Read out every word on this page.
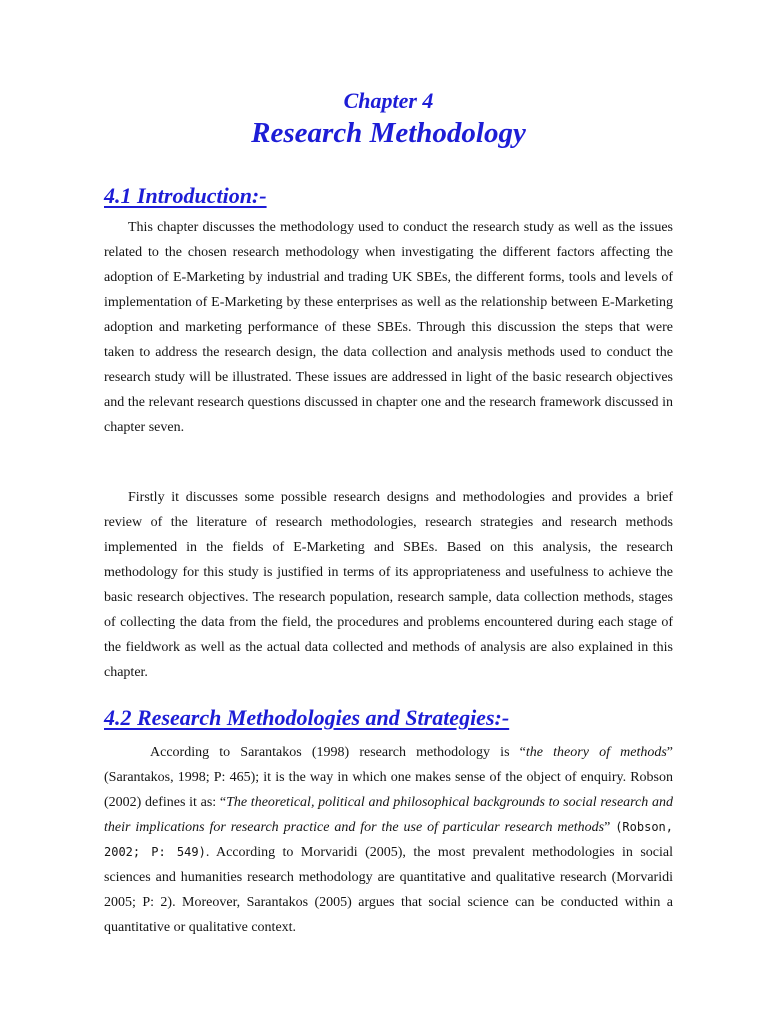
Chapter 4
Research Methodology
4.1 Introduction:-
This chapter discusses the methodology used to conduct the research study as well as the issues related to the chosen research methodology when investigating the different factors affecting the adoption of E-Marketing by industrial and trading UK SBEs, the different forms, tools and levels of implementation of E-Marketing by these enterprises as well as the relationship between E-Marketing adoption and marketing performance of these SBEs. Through this discussion the steps that were taken to address the research design, the data collection and analysis methods used to conduct the research study will be illustrated. These issues are addressed in light of the basic research objectives and the relevant research questions discussed in chapter one and the research framework discussed in chapter seven.
Firstly it discusses some possible research designs and methodologies and provides a brief review of the literature of research methodologies, research strategies and research methods implemented in the fields of E-Marketing and SBEs. Based on this analysis, the research methodology for this study is justified in terms of its appropriateness and usefulness to achieve the basic research objectives. The research population, research sample, data collection methods, stages of collecting the data from the field, the procedures and problems encountered during each stage of the fieldwork as well as the actual data collected and methods of analysis are also explained in this chapter.
4.2 Research Methodologies and Strategies:-
According to Sarantakos (1998) research methodology is “the theory of methods” (Sarantakos, 1998; P: 465); it is the way in which one makes sense of the object of enquiry. Robson (2002) defines it as: “The theoretical, political and philosophical backgrounds to social research and their implications for research practice and for the use of particular research methods” (Robson, 2002; P: 549). According to Morvaridi (2005), the most prevalent methodologies in social sciences and humanities research methodology are quantitative and qualitative research (Morvaridi 2005; P: 2). Moreover, Sarantakos (2005) argues that social science can be conducted within a quantitative or qualitative context.
